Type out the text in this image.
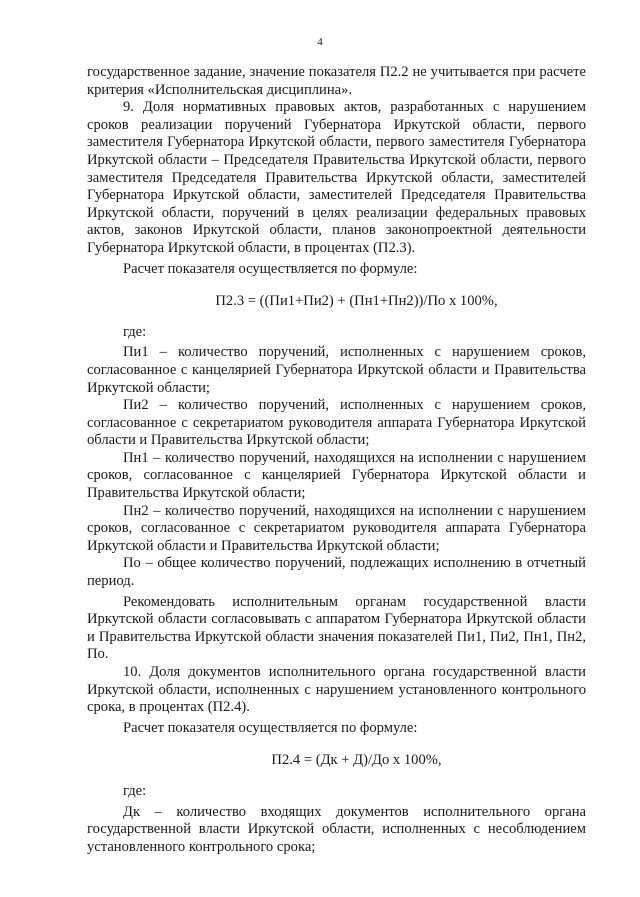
4

государственное задание, значение показателя П2.2 не учитывается при расчете критерия «Исполнительская дисциплина».

9. Доля нормативных правовых актов, разработанных с нарушением сроков реализации поручений Губернатора Иркутской области, первого заместителя Губернатора Иркутской области, первого заместителя Губернатора Иркутской области – Председателя Правительства Иркутской области, первого заместителя Председателя Правительства Иркутской области, заместителей Губернатора Иркутской области, заместителей Председателя Правительства Иркутской области, поручений в целях реализации федеральных правовых актов, законов Иркутской области, планов законопроектной деятельности Губернатора Иркутской области, в процентах (П2.3).

Расчет показателя осуществляется по формуле:

П2.3 = ((Пи1+Пи2) + (Пн1+Пн2))/По х 100%,

где:

Пи1 – количество поручений, исполненных с нарушением сроков, согласованное с канцелярией Губернатора Иркутской области и Правительства Иркутской области;

Пи2 – количество поручений, исполненных с нарушением сроков, согласованное с секретариатом руководителя аппарата Губернатора Иркутской области и Правительства Иркутской области;

Пн1 – количество поручений, находящихся на исполнении с нарушением сроков, согласованное с канцелярией Губернатора Иркутской области и Правительства Иркутской области;

Пн2 – количество поручений, находящихся на исполнении с нарушением сроков, согласованное с секретариатом руководителя аппарата Губернатора Иркутской области и Правительства Иркутской области;

По – общее количество поручений, подлежащих исполнению в отчетный период.

Рекомендовать исполнительным органам государственной власти Иркутской области согласовывать с аппаратом Губернатора Иркутской области и Правительства Иркутской области значения показателей Пи1, Пи2, Пн1, Пн2, По.

10. Доля документов исполнительного органа государственной власти Иркутской области, исполненных с нарушением установленного контрольного срока, в процентах (П2.4).

Расчет показателя осуществляется по формуле:

П2.4 = (Дк + Д)/До х 100%,

где:

Дк – количество входящих документов исполнительного органа государственной власти Иркутской области, исполненных с несоблюдением установленного контрольного срока;
